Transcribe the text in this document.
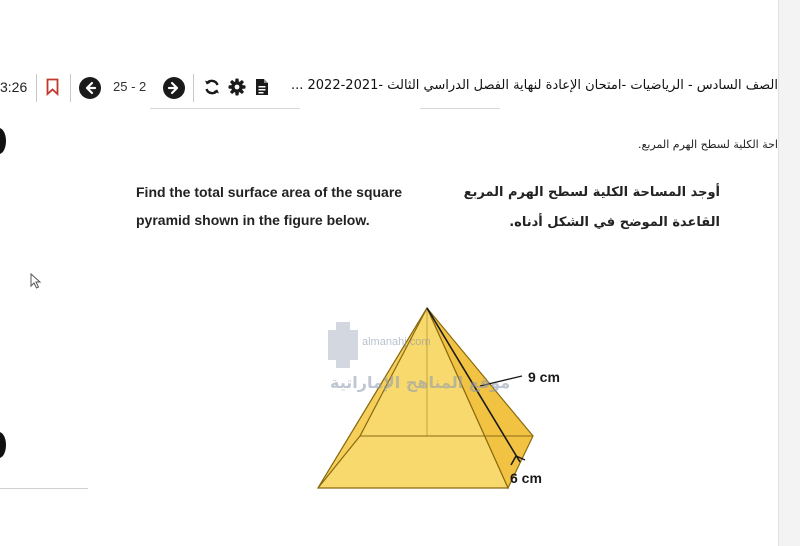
3:26	25 - 2	الصف السادس - الرياضيات -امتحان الإعادة لنهاية الفصل الدراسي الثالث -2021-2022 ...
احة الكلية لسطح الهرم المربع.
Find the total surface area of the square pyramid shown in the figure below.
أوجد المساحة الكلية لسطح الهرم المربع القاعدة الموضح في الشكل أدناه.
almanahj.com
موقع المناهج الإماراتية 9 cm
6 cm
